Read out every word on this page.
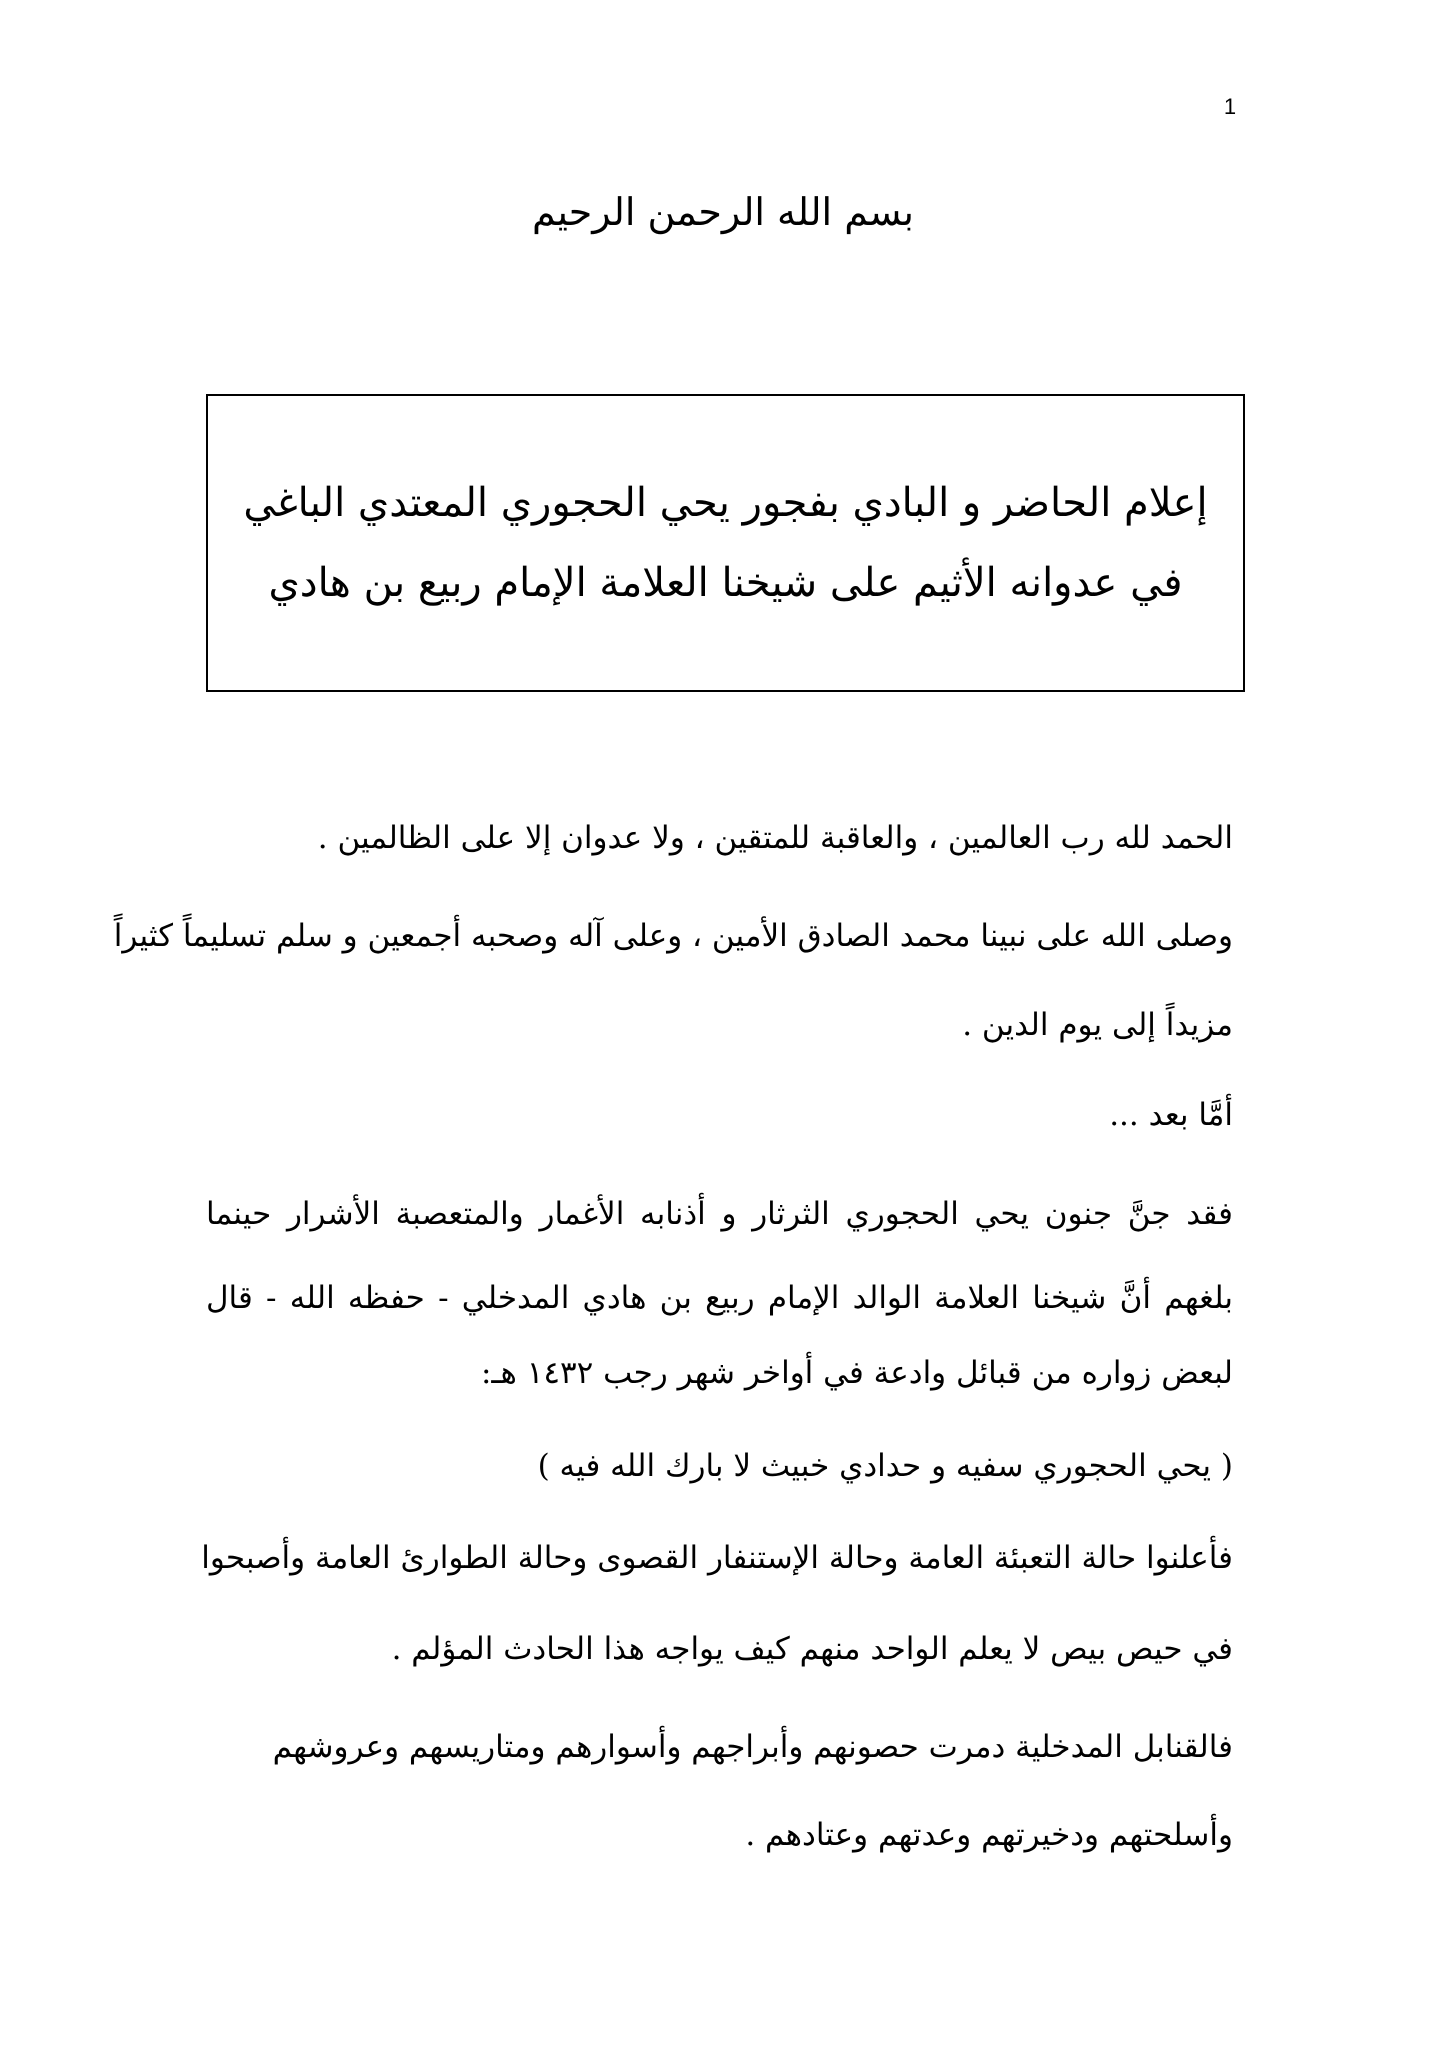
1
بسم الله الرحمن الرحيم
إعلام الحاضر و البادي بفجور يحي الحجوري المعتدي الباغي
في عدوانه الأثيم على شيخنا العلامة الإمام ربيع بن هادي
الحمد لله رب العالمين ، والعاقبة للمتقين ، ولا عدوان إلا على الظالمين .
وصلى الله على نبينا محمد الصادق الأمين ، وعلى آله وصحبه أجمعين و سلم تسليماً كثيراً
مزيداً إلى يوم الدين .
أمَّا بعد ...
فقد جنَّ جنون يحي الحجوري الثرثار و أذنابه الأغمار والمتعصبة الأشرار حينما
بلغهم أنَّ شيخنا العلامة الوالد الإمام ربيع بن هادي المدخلي - حفظه الله - قال
لبعض زواره من قبائل وادعة في أواخر شهر رجب ١٤٣٢ هـ:
( يحي الحجوري سفيه و حدادي خبيث لا بارك الله فيه )
فأعلنوا حالة التعبئة العامة وحالة الإستنفار القصوى وحالة الطوارئ العامة وأصبحوا
في حيص بيص لا يعلم الواحد منهم كيف يواجه هذا الحادث المؤلم .
فالقنابل المدخلية دمرت حصونهم وأبراجهم وأسوارهم ومتاريسهم وعروشهم
وأسلحتهم ودخيرتهم وعدتهم وعتادهم .
